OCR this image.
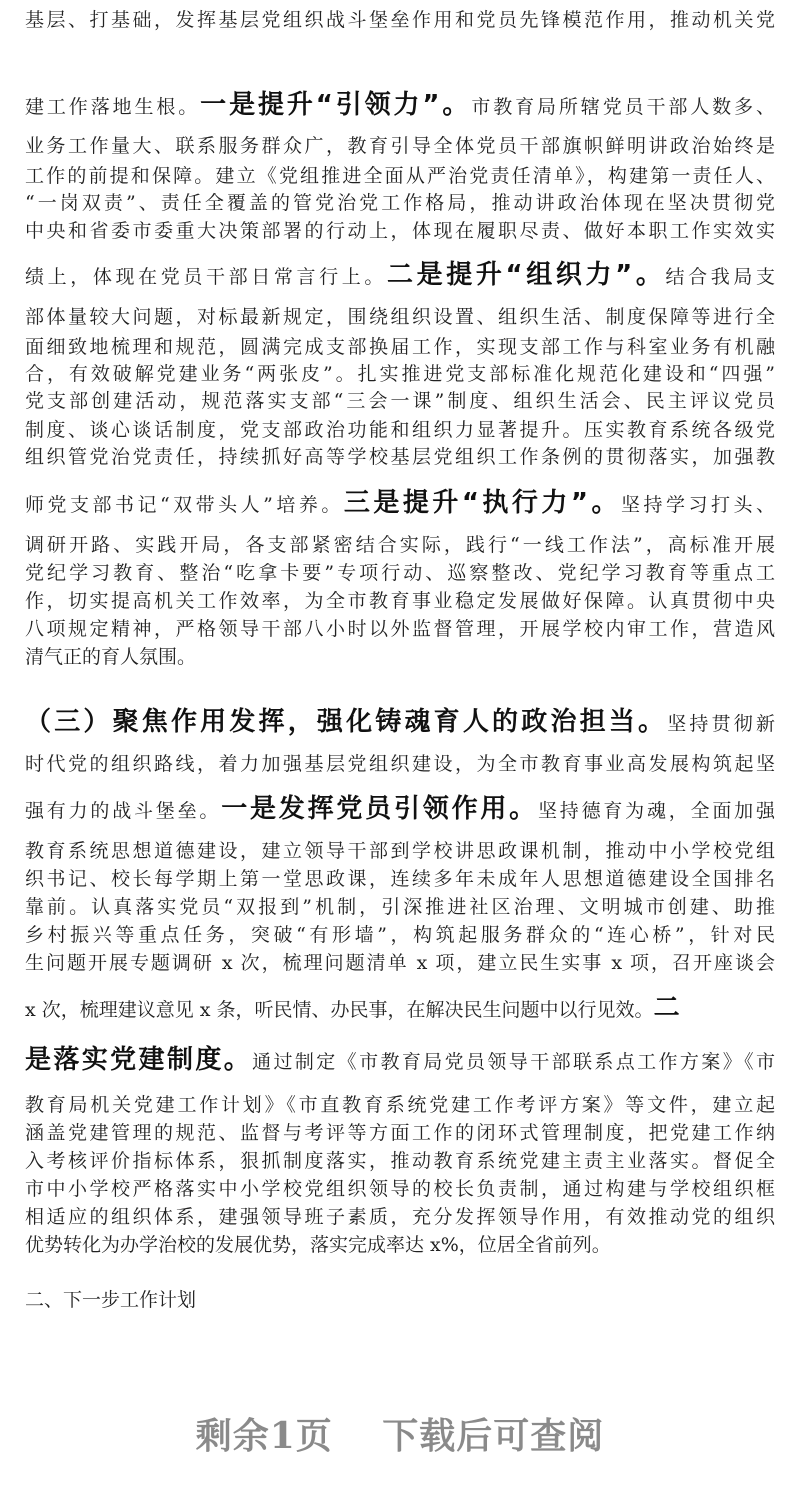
基层、打基础，发挥基层党组织战斗堡垒作用和党员先锋模范作用，推动机关党
建工作落地生根。一是提升“引领力”。市教育局所辖党员干部人数多、
业务工作量大、联系服务群众广，教育引导全体党员干部旗帜鲜明讲政治始终是
工作的前提和保障。建立《党组推进全面从严治党责任清单》，构建第一责任人、
“一岗双责”、责任全覆盖的管党治党工作格局，推动讲政治体现在坚决贯彻党
中央和省委市委重大决策部署的行动上，体现在履职尽责、做好本职工作实效实
绩上，体现在党员干部日常言行上。二是提升“组织力”。结合我局支
部体量较大问题，对标最新规定，围绕组织设置、组织生活、制度保障等进行全
面细致地梳理和规范，圆满完成支部换届工作，实现支部工作与科室业务有机融
合，有效破解党建业务“两张皮”。扎实推进党支部标准化规范化建设和“四强”
党支部创建活动，规范落实支部“三会一课”制度、组织生活会、民主评议党员
制度、谈心谈话制度，党支部政治功能和组织力显著提升。压实教育系统各级党
组织管党治党责任，持续抓好高等学校基层党组织工作条例的贯彻落实，加强教
师党支部书记“双带头人”培养。三是提升“执行力”。坚持学习打头、
调研开路、实践开局，各支部紧密结合实际，践行“一线工作法”，高标准开展
党纪学习教育、整治“吃拿卡要”专项行动、巡察整改、党纪学习教育等重点工
作，切实提高机关工作效率，为全市教育事业稳定发展做好保障。认真贯彻中央
八项规定精神，严格领导干部八小时以外监督管理，开展学校内审工作，营造风
清气正的育人氛围。
（三）聚焦作用发挥，强化铸魂育人的政治担当。坚持贯彻新
时代党的组织路线，着力加强基层党组织建设，为全市教育事业高发展构筑起坚
强有力的战斗堡垒。一是发挥党员引领作用。坚持德育为魂，全面加强
教育系统思想道德建设，建立领导干部到学校讲思政课机制，推动中小学校党组
织书记、校长每学期上第一堂思政课，连续多年未成年人思想道德建设全国排名
靠前。认真落实党员“双报到”机制，引深推进社区治理、文明城市创建、助推
乡村振兴等重点任务，突破“有形墙”，构筑起服务群众的“连心桥”，针对民
生问题开展专题调研 x 次，梳理问题清单 x 项，建立民生实事 x 项，召开座谈会
x 次，梳理建议意见 x 条，听民情、办民事，在解决民生问题中以行见效。二
是落实党建制度。通过制定《市教育局党员领导干部联系点工作方案》《市
教育局机关党建工作计划》《市直教育系统党建工作考评方案》等文件，建立起
涵盖党建管理的规范、监督与考评等方面工作的闭环式管理制度，把党建工作纳
入考核评价指标体系，狠抓制度落实，推动教育系统党建主责主业落实。督促全
市中小学校严格落实中小学校党组织领导的校长负责制，通过构建与学校组织框
相适应的组织体系，建强领导班子素质，充分发挥领导作用，有效推动党的组织
优势转化为办学治校的发展优势，落实完成率达 x%，位居全省前列。
二、下一步工作计划
剩余1页 下载后可查阅
